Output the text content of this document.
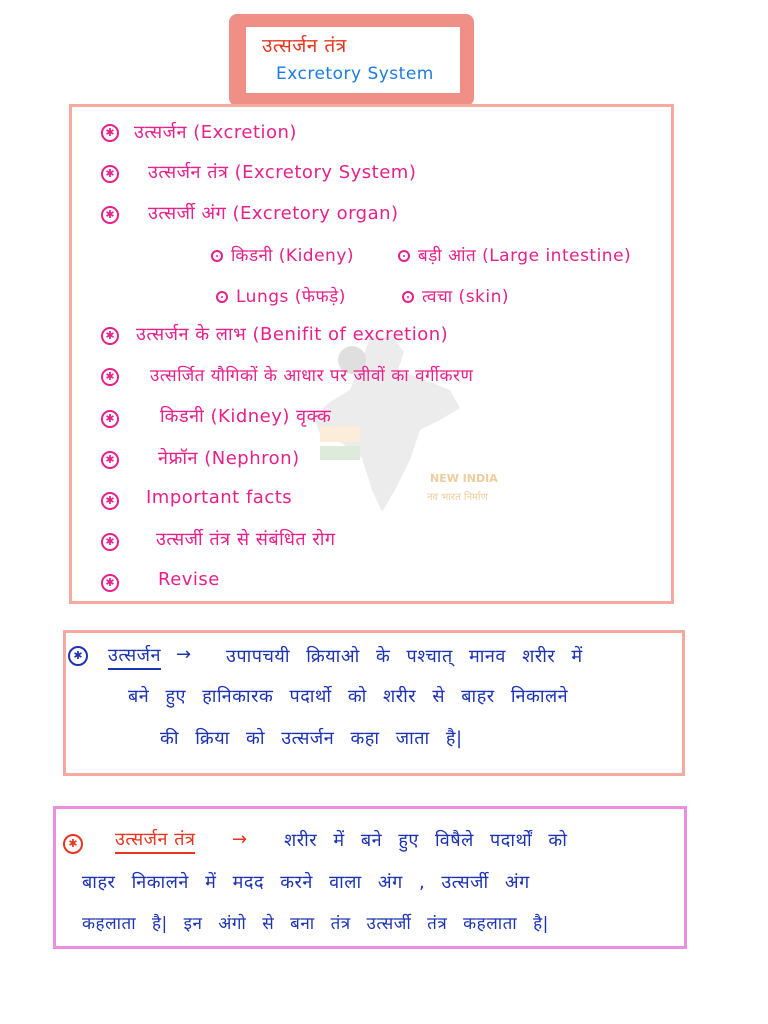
उत्सर्जन तंत्र
Excretory System
NEW INDIA
नव भारत निर्माण
✱ उत्सर्जन (Excretion)
✱ उत्सर्जन तंत्र (Excretory System)
✱ उत्सर्जी अंग (Excretory organ)
किडनी (Kideny)	बड़ी आंत (Large intestine)
Lungs (फेफड़े)	त्वचा (skin)
✱ उत्सर्जन के लाभ (Benifit of excretion)
✱ उत्सर्जित यौगिकों के आधार पर जीवों का वर्गीकरण
✱	किडनी (Kidney) वृक्क
✱ नेफ्रॉन (Nephron)
✱ Important facts
✱ उत्सर्जी तंत्र से संबंधित रोग
✱ Revise
✱ उत्सर्जन → उपापचयी क्रियाओ के पश्चात् मानव शरीर में
बने हुए हानिकारक पदार्थो को शरीर से बाहर निकालने
की क्रिया को उत्सर्जन कहा जाता है|
✱ उत्सर्जन तंत्र → शरीर में बने हुए विषैले पदार्थों को
बाहर निकालने में मदद करने वाला अंग , उत्सर्जी अंग
कहलाता है| इन अंगो से बना तंत्र उत्सर्जी तंत्र कहलाता है|
